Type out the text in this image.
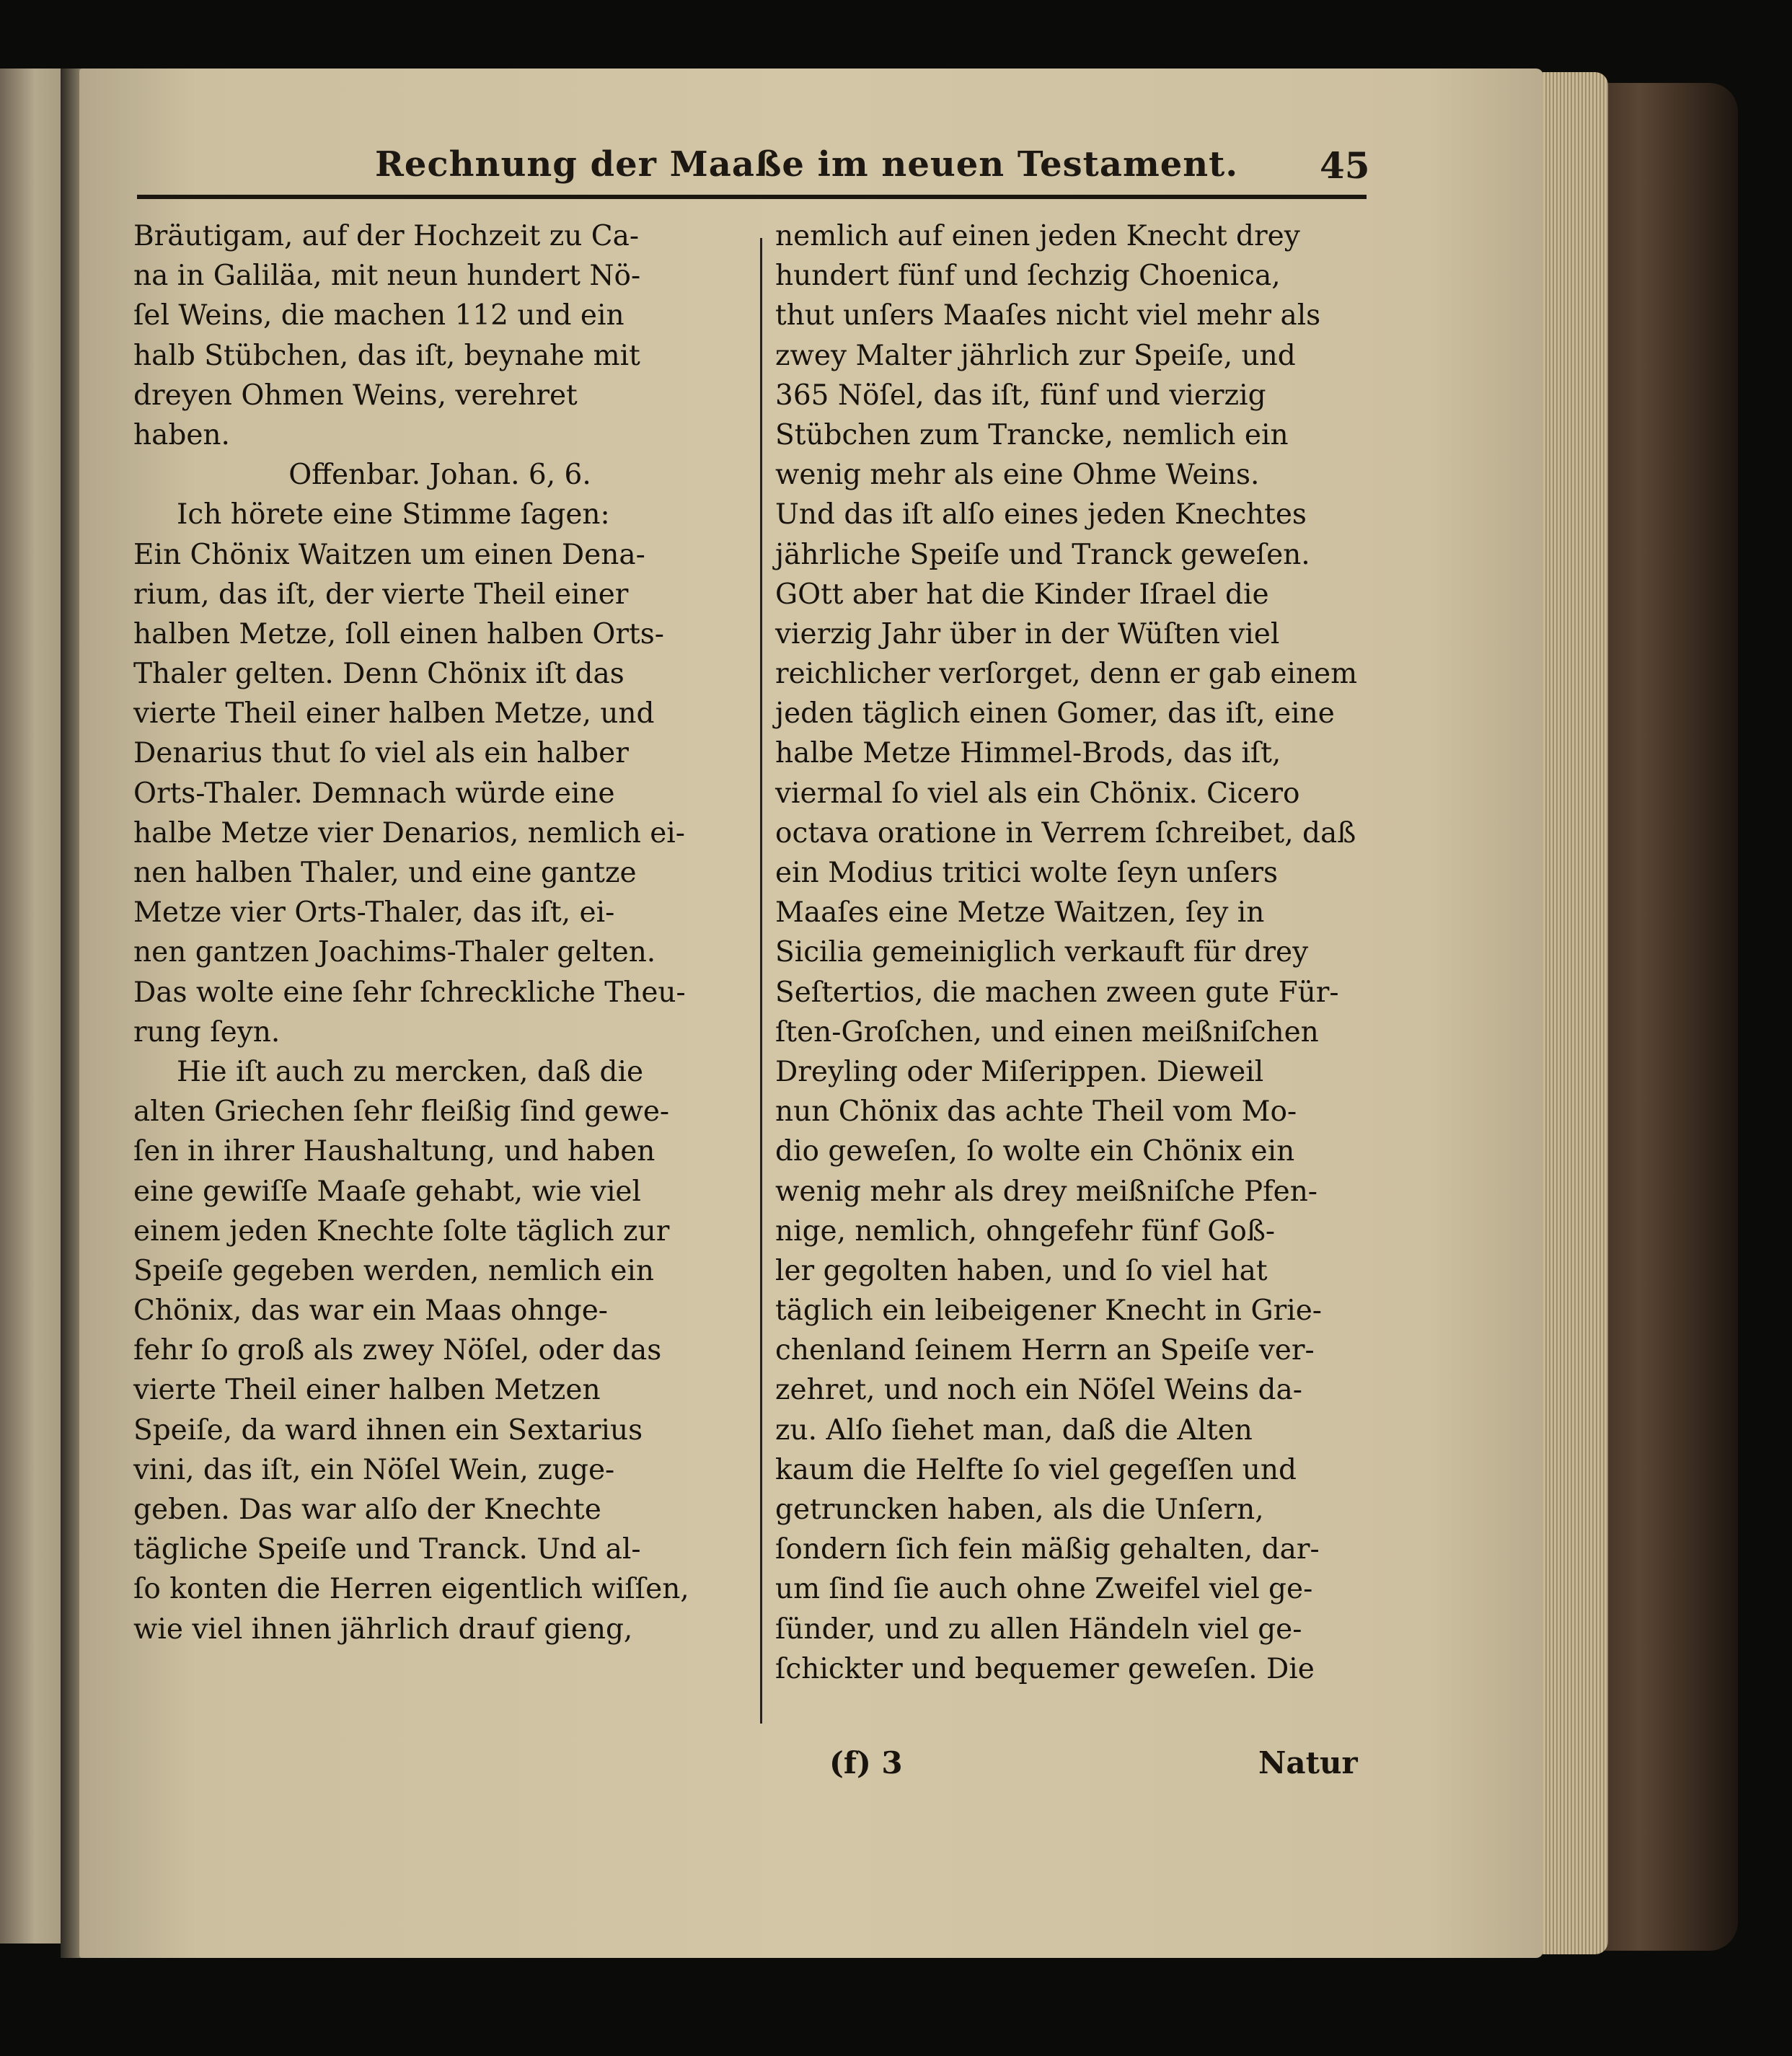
Rechnung der Maaße im neuen Testament.	45
Bräutigam, auf der Hochzeit zu Ca-
na in Galiläa, mit neun hundert Nö-
ſel Weins, die machen 112 und ein
halb Stübchen, das iſt, beynahe mit
dreyen Ohmen Weins, verehret
haben.
Offenbar. Johan. 6, 6.
Ich hörete eine Stimme ſagen:
Ein Chönix Waitzen um einen Dena-
rium, das iſt, der vierte Theil einer
halben Metze, ſoll einen halben Orts-
Thaler gelten. Denn Chönix iſt das
vierte Theil einer halben Metze, und
Denarius thut ſo viel als ein halber
Orts-Thaler. Demnach würde eine
halbe Metze vier Denarios, nemlich ei-
nen halben Thaler, und eine gantze
Metze vier Orts-Thaler, das iſt, ei-
nen gantzen Joachims-Thaler gelten.
Das wolte eine ſehr ſchreckliche Theu-
rung ſeyn.
Hie iſt auch zu mercken, daß die
alten Griechen ſehr fleißig ſind gewe-
ſen in ihrer Haushaltung, und haben
eine gewiſſe Maaſe gehabt, wie viel
einem jeden Knechte ſolte täglich zur
Speiſe gegeben werden, nemlich ein
Chönix, das war ein Maas ohnge-
fehr ſo groß als zwey Nöſel, oder das
vierte Theil einer halben Metzen
Speiſe, da ward ihnen ein Sextarius
vini, das iſt, ein Nöſel Wein, zuge-
geben. Das war alſo der Knechte
tägliche Speiſe und Tranck. Und al-
ſo konten die Herren eigentlich wiſſen,
wie viel ihnen jährlich drauf gieng,
nemlich auf einen jeden Knecht drey
hundert fünf und ſechzig Choenica,
thut unſers Maaſes nicht viel mehr als
zwey Malter jährlich zur Speiſe, und
365 Nöſel, das iſt, fünf und vierzig
Stübchen zum Trancke, nemlich ein
wenig mehr als eine Ohme Weins.
Und das iſt alſo eines jeden Knechtes
jährliche Speiſe und Tranck geweſen.
GOtt aber hat die Kinder Iſrael die
vierzig Jahr über in der Wüſten viel
reichlicher verſorget, denn er gab einem
jeden täglich einen Gomer, das iſt, eine
halbe Metze Himmel-Brods, das iſt,
viermal ſo viel als ein Chönix. Cicero
octava oratione in Verrem ſchreibet, daß
ein Modius tritici wolte ſeyn unſers
Maaſes eine Metze Waitzen, ſey in
Sicilia gemeiniglich verkauft für drey
Seſtertios, die machen zween gute Für-
ſten-Groſchen, und einen meißniſchen
Dreyling oder Miſerippen. Dieweil
nun Chönix das achte Theil vom Mo-
dio geweſen, ſo wolte ein Chönix ein
wenig mehr als drey meißniſche Pfen-
nige, nemlich, ohngefehr fünf Goß-
ler gegolten haben, und ſo viel hat
täglich ein leibeigener Knecht in Grie-
chenland ſeinem Herrn an Speiſe ver-
zehret, und noch ein Nöſel Weins da-
zu. Alſo ſiehet man, daß die Alten
kaum die Helfte ſo viel gegeſſen und
getruncken haben, als die Unſern,
ſondern ſich fein mäßig gehalten, dar-
um ſind ſie auch ohne Zweifel viel ge-
ſünder, und zu allen Händeln viel ge-
ſchickter und bequemer geweſen. Die
(f) 3	Natur
